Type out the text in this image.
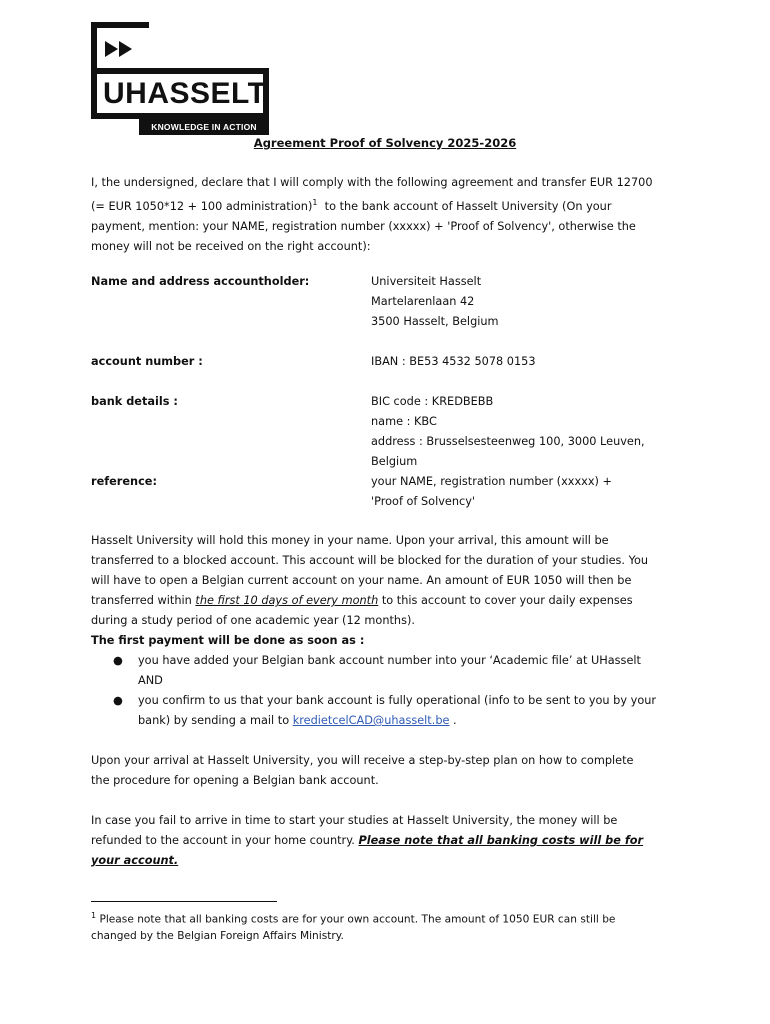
UHASSELT
KNOWLEDGE IN ACTION
Agreement Proof of Solvency 2025-2026
I, the undersigned, declare that I will comply with the following agreement and transfer EUR 12700
(= EUR 1050*12 + 100 administration)$^1$  to the bank account of Hasselt University (On your
payment, mention: your NAME, registration number (xxxxx) + 'Proof of Solvency', otherwise the
money will not be received on the right account):
Name and address accountholder:	Universiteit Hasselt
Martelarenlaan 42
3500 Hasselt, Belgium
account number :	IBAN : BE53 4532 5078 0153
bank details :	BIC code : KREDBEBB
name : KBC
address : Brusselsesteenweg 100, 3000 Leuven,
Belgium
reference:	your NAME, registration number (xxxxx) +
'Proof of Solvency'
Hasselt University will hold this money in your name. Upon your arrival, this amount will be
transferred to a blocked account. This account will be blocked for the duration of your studies. You
will have to open a Belgian current account on your name. An amount of EUR 1050 will then be
transferred within the first 10 days of every month to this account to cover your daily expenses
during a study period of one academic year (12 months).
The first payment will be done as soon as :
● you have added your Belgian bank account number into your ‘Academic file’ at UHasselt
AND
● you confirm to us that your bank account is fully operational (info to be sent to you by your
bank) by sending a mail to kredietcelCAD@uhasselt.be .
Upon your arrival at Hasselt University, you will receive a step-by-step plan on how to complete
the procedure for opening a Belgian bank account.
In case you fail to arrive in time to start your studies at Hasselt University, the money will be
refunded to the account in your home country. Please note that all banking costs will be for
your account.
$^1$ Please note that all banking costs are for your own account. The amount of 1050 EUR can still be
changed by the Belgian Foreign Affairs Ministry.
